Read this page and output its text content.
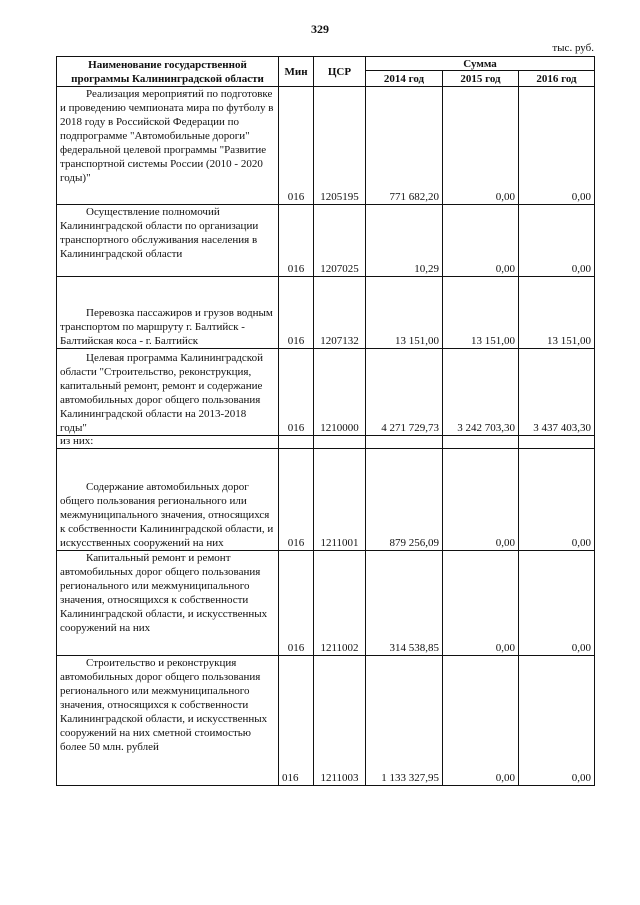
329
тыс. руб.
Наименование государственной программы Калининградской области	Мин	ЦСР	Сумма		
			2014 год	2015 год	2016 год
Реализация мероприятий по подготовке и проведению чемпионата мира по футболу в 2018 году в Российской Федерации по подпрограмме "Автомобильные дороги" федеральной целевой программы "Развитие транспортной системы России (2010 - 2020 годы)"	016	1205195	771 682,20	0,00	0,00
Осуществление полномочий Калининградской области по организации транспортного обслуживания населения в Калининградской области	016	1207025	10,29	0,00	0,00
Перевозка пассажиров и грузов водным транспортом по маршруту г. Балтийск - Балтийская коса - г. Балтийск	016	1207132	13 151,00	13 151,00	13 151,00
Целевая программа Калининградской области "Строительство, реконструкция, капитальный ремонт, ремонт и содержание автомобильных дорог общего пользования Калининградской области на 2013-2018 годы"	016	1210000	4 271 729,73	3 242 703,30	3 437 403,30
из них:					
Содержание автомобильных дорог общего пользования регионального или межмуниципального значения, относящихся к собственности Калининградской области, и искусственных сооружений на них	016	1211001	879 256,09	0,00	0,00
Капитальный ремонт и ремонт автомобильных дорог общего пользования регионального или межмуниципального значения, относящихся к собственности Калининградской области, и искусственных сооружений на них	016	1211002	314 538,85	0,00	0,00
Строительство и реконструкция автомобильных дорог общего пользования регионального или межмуниципального значения, относящихся к собственности Калининградской области, и искусственных сооружений на них сметной стоимостью более 50 млн. рублей	016	1211003	1 133 327,95	0,00	0,00
